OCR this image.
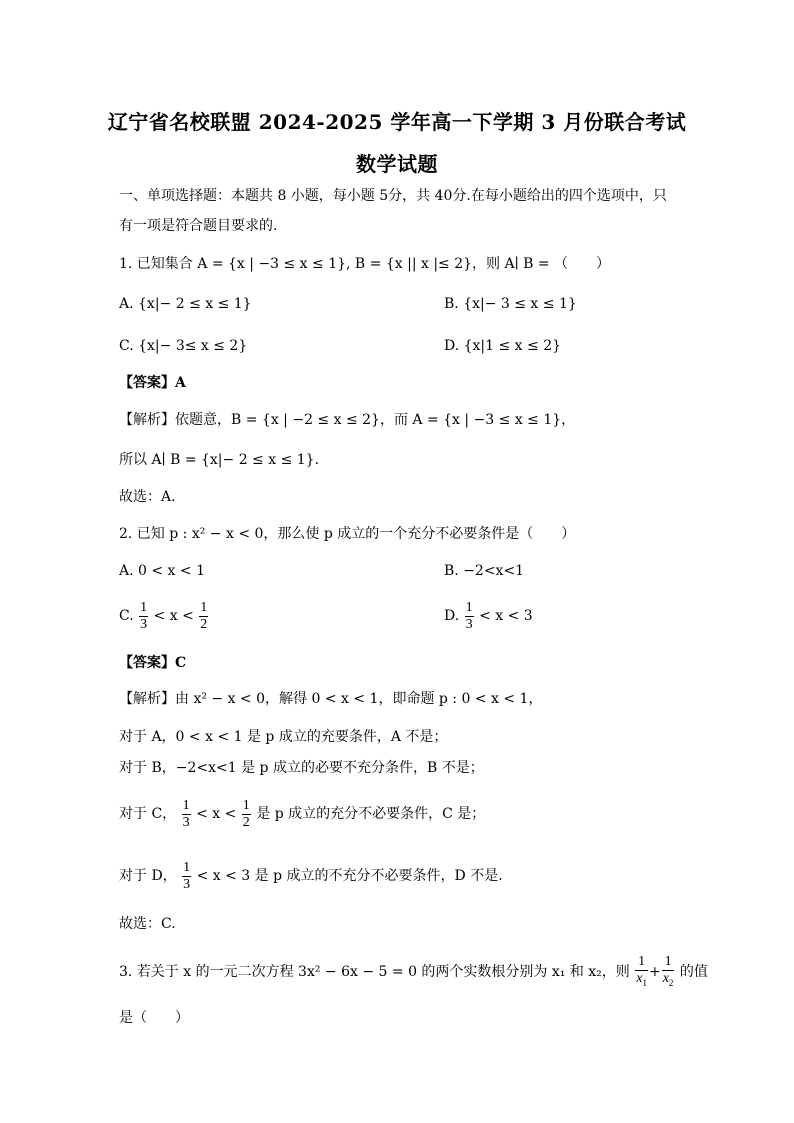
辽宁省名校联盟 2024-2025 学年高一下学期 3 月份联合考试
数学试题
一、单项选择题：本题共 8 小题，每小题 5分，共 40分.在每小题给出的四个选项中，只
有一项是符合题目要求的.
1. 已知集合 A = {x | −3 ≤ x ≤ 1}, B = {x || x |≤ 2}，则 A∣ B = （　　）
A. {x|− 2 ≤ x ≤ 1}	B. {x|− 3 ≤ x ≤ 1}
C. {x|− 3≤ x ≤ 2}	D. {x|1 ≤ x ≤ 2}
【答案】A
【解析】依题意，B = {x | −2 ≤ x ≤ 2}，而 A = {x | −3 ≤ x ≤ 1}，
所以 A∣ B = {x|− 2 ≤ x ≤ 1}.
故选：A.
2. 已知 p : x² − x < 0，那么使 p 成立的一个充分不必要条件是（　　）
A. 0 < x < 1	B. −2<x<1
C. $\frac{1}{3} < x < \frac{1}{2}$	D. $\frac{1}{3} < x < 3$
【答案】C
【解析】由 x² − x < 0，解得 0 < x < 1，即命题 p : 0 < x < 1，
对于 A，0 < x < 1 是 p 成立的充要条件，A 不是；
对于 B，−2<x<1 是 p 成立的必要不充分条件，B 不是；
对于 C， $\frac{1}{3} < x < \frac{1}{2}$ 是 p 成立的充分不必要条件，C 是；
对于 D， $\frac{1}{3} < x < 3$ 是 p 成立的不充分不必要条件，D 不是.
故选：C.
3. 若关于 x 的一元二次方程 3x² − 6x − 5 = 0 的两个实数根分别为 x₁ 和 x₂，则 $\frac{1}{x_1} + \frac{1}{x_2}$ 的值
是（　　）
